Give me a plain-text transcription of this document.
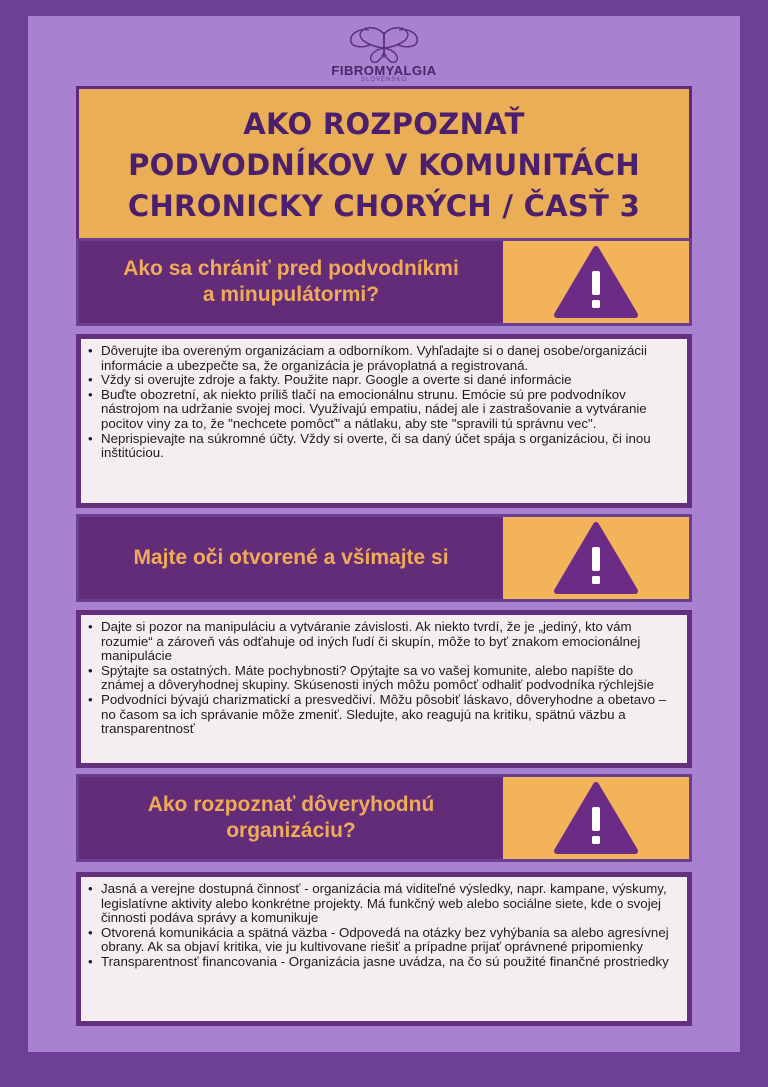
FIBROMYALGIA
SLOVENSKO
AKO ROZPOZNAŤ
PODVODNÍKOV V KOMUNITÁCH
CHRONICKY CHORÝCH / ČASŤ 3
Ako sa chrániť pred podvodníkmi
a minupulátormi?
• Dôverujte iba overeným organizáciam a odborníkom. Vyhľadajte si o danej osobe/organizácii informácie a ubezpečte sa, že organizácia je právoplatná a registrovaná.
• Vždy si overujte zdroje a fakty. Použite napr. Google a overte si dané informácie
• Buďte obozretní, ak niekto príliš tlačí na emocionálnu strunu. Emócie sú pre podvodníkov nástrojom na udržanie svojej moci. Využívajú empatiu, nádej ale i zastrašovanie a vytváranie pocitov viny za to, že "nechcete pomôcť" a nátlaku, aby ste "spravili tú správnu vec".
• Neprispievajte na súkromné účty. Vždy si overte, či sa daný účet spája s organizáciou, či inou inštitúciou.
Majte oči otvorené a všímajte si
• Dajte si pozor na manipuláciu a vytváranie závislosti. Ak niekto tvrdí, že je „jediný, kto vám rozumie“ a zároveň vás odťahuje od iných ľudí či skupín, môže to byť znakom emocionálnej manipulácie
• Spýtajte sa ostatných. Máte pochybnosti? Opýtajte sa vo vašej komunite, alebo napíšte do známej a dôveryhodnej skupiny. Skúsenosti iných môžu pomôcť odhaliť podvodníka rýchlejšie
• Podvodníci bývajú charizmatickí a presvedčiví. Môžu pôsobiť láskavo, dôveryhodne a obetavo – no časom sa ich správanie môže zmeniť. Sledujte, ako reagujú na kritiku, spätnú väzbu a transparentnosť
Ako rozpoznať dôveryhodnú
organizáciu?
• Jasná a verejne dostupná činnosť - organizácia má viditeľné výsledky, napr. kampane, výskumy, legislatívne aktivity alebo konkrétne projekty. Má funkčný web alebo sociálne siete, kde o svojej činnosti podáva správy a komunikuje
• Otvorená komunikácia a spätná väzba - Odpovedá na otázky bez vyhýbania sa alebo agresívnej obrany. Ak sa objaví kritika, vie ju kultivovane riešiť a prípadne prijať oprávnené pripomienky
• Transparentnosť financovania - Organizácia jasne uvádza, na čo sú použité finančné prostriedky
